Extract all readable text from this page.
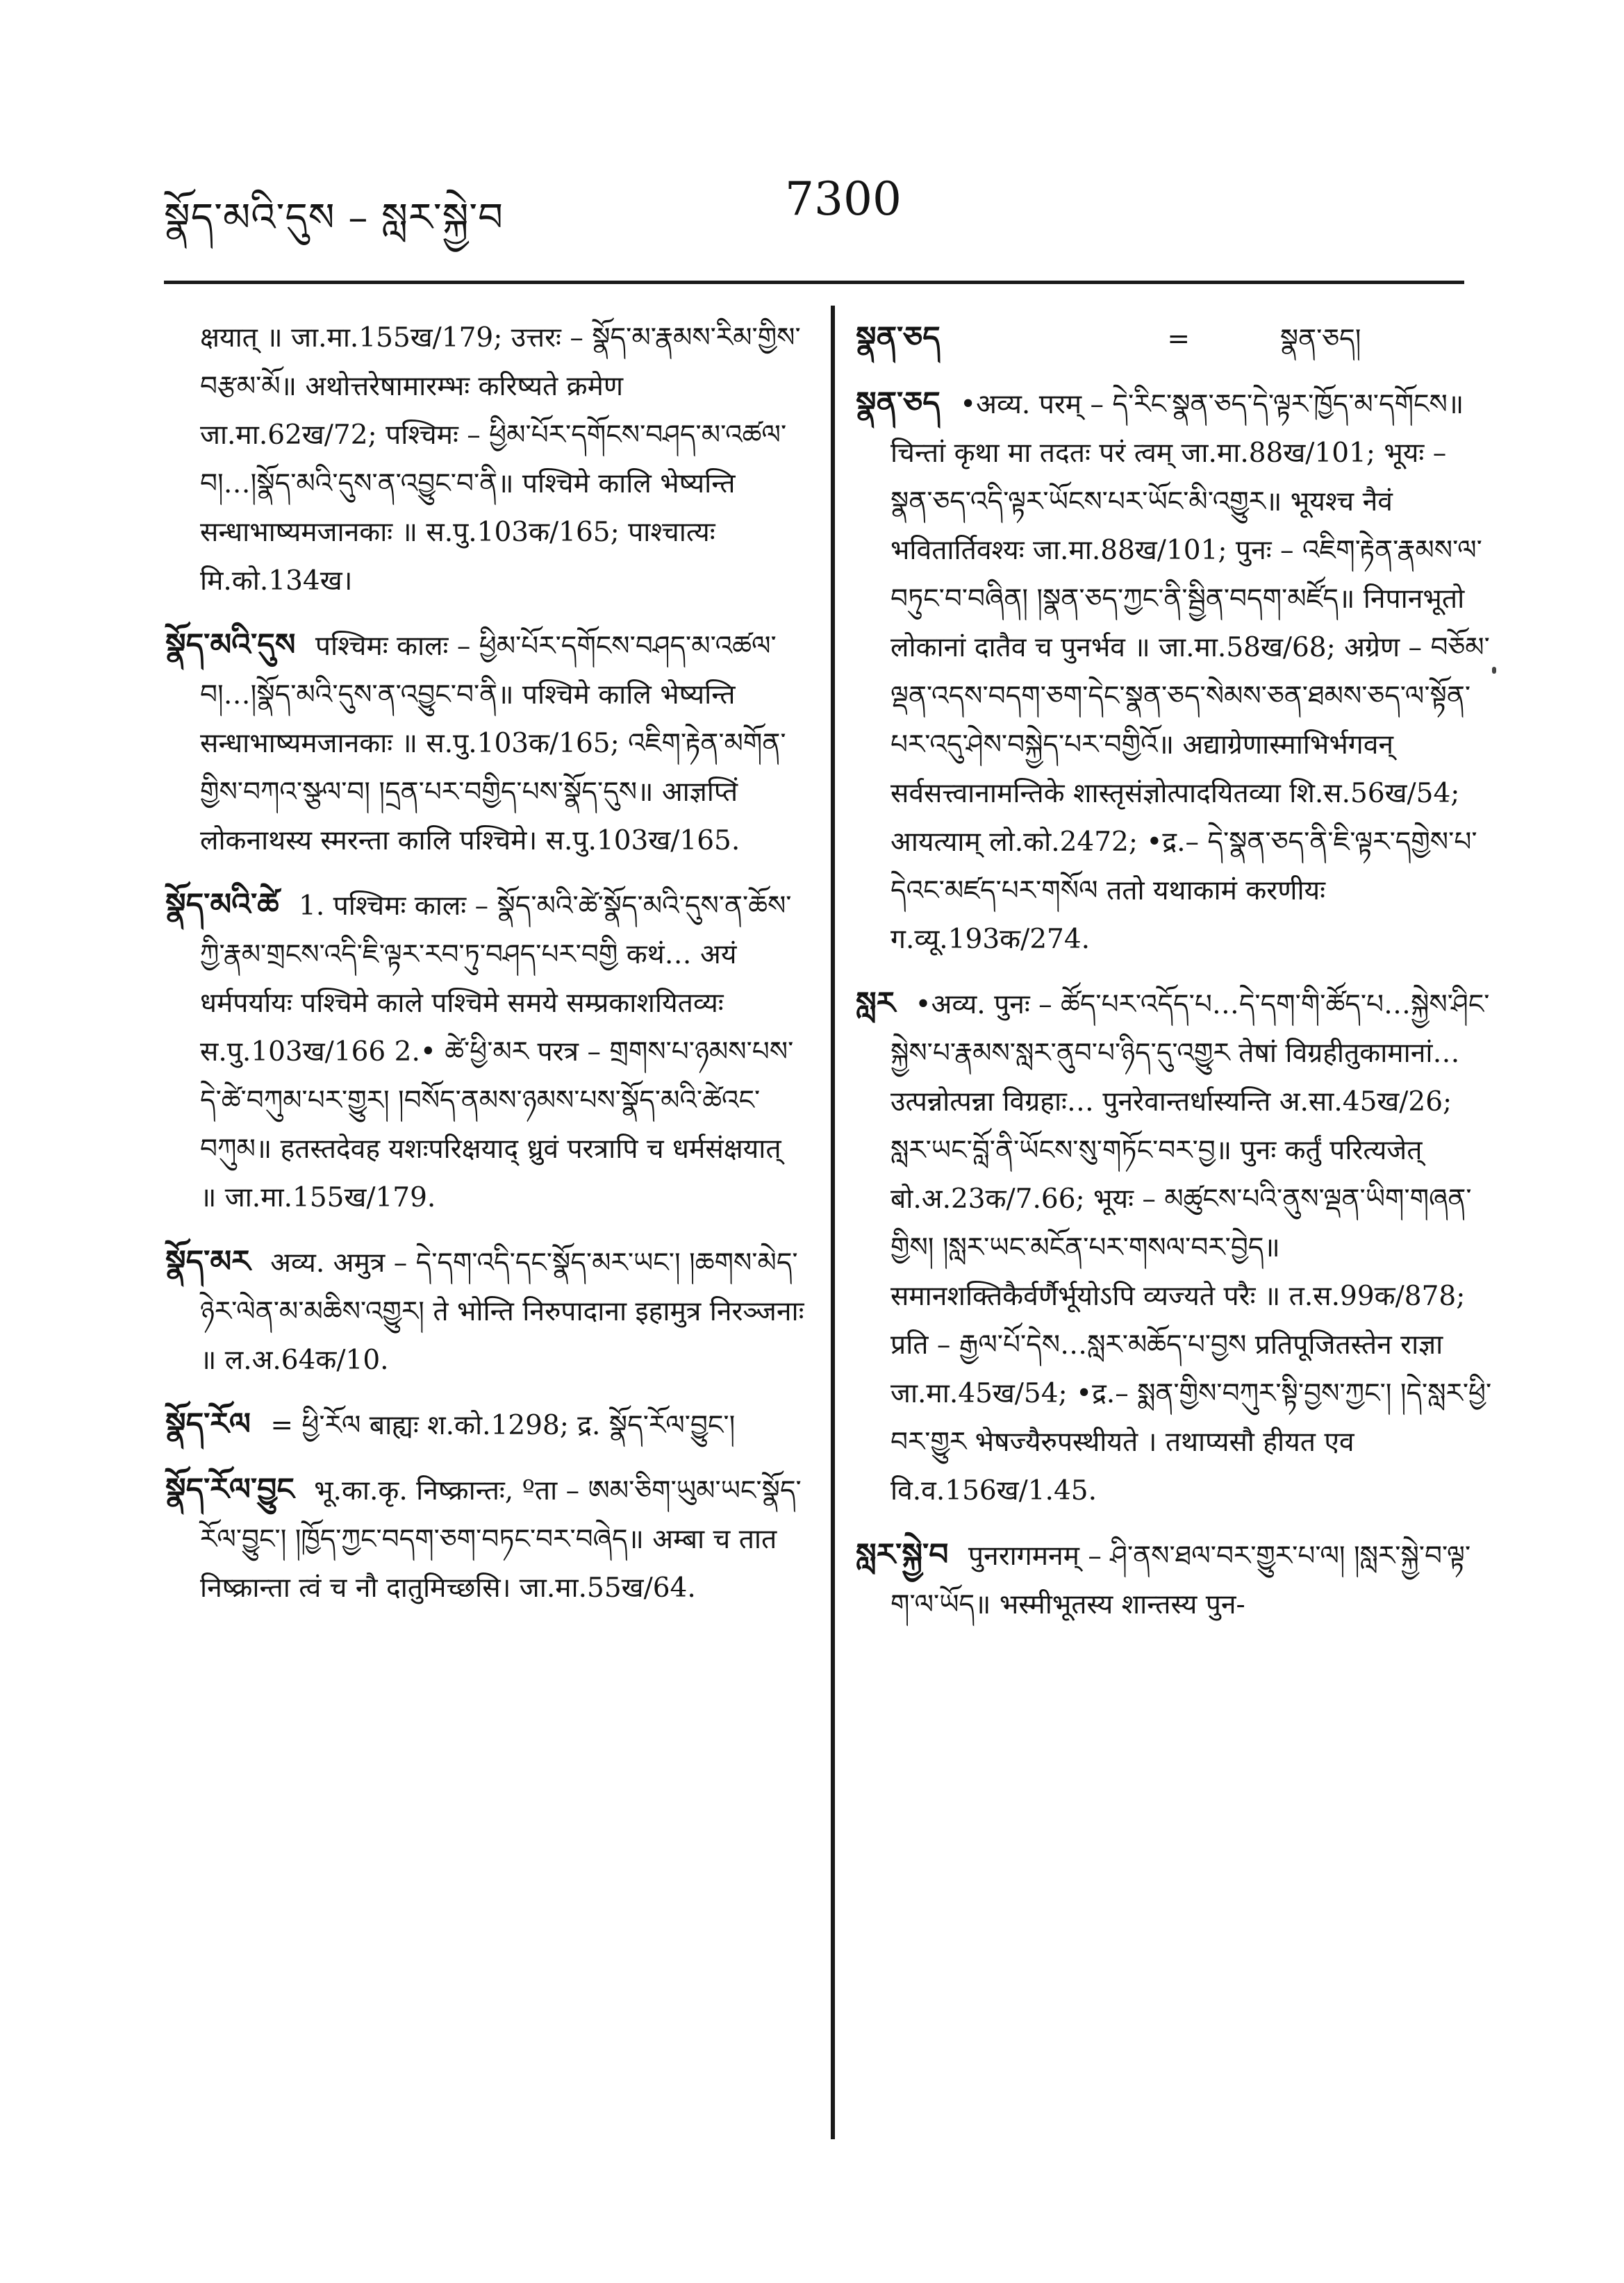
སྣོད་མའི་དུས – སླར་སྐྱེ་བ	7300

क्षयात् ॥ जा.मा.155ख/179; उत्तरः – སྣོད་མ་རྣམས་རིམ་གྱིས་བརྩམ་མོ॥ अथोत्तरेषामारम्भः करिष्यते क्रमेण जा.मा.62ख/72; पश्चिमः – ཕྱིམ་པོར་དགོངས་བཤད་མ་འཚལ་བ།…།སྣོད་མའི་དུས་ན་འབྱུང་བ་ནི॥ पश्चिमे कालि भेष्यन्ति सन्धाभाष्यमजानकाः ॥ स.पु.103क/165; पाश्चात्यः मि.को.134ख।

སྣོད་མའི་དུས पश्चिमः कालः – ཕྱིམ་པོར་དགོངས་བཤད་མ་འཚལ་བ།…།སྣོད་མའི་དུས་ན་འབྱུང་བ་ནི॥ पश्चिमे कालि भेष्यन्ति सन्धाभाष्यमजानकाः ॥ स.पु.103क/165; འཇིག་རྟེན་མགོན་གྱིས་བཀའ་སྩལ་བ། །དྲན་པར་བགྱིད་པས་སྣོད་དུས॥ आज्ञप्तिं लोकनाथस्य स्मरन्ता कालि पश्चिमे। स.पु.103ख/165.

སྣོད་མའི་ཚེ 1. पश्चिमः कालः – སྣོད་མའི་ཚེ་སྣོད་མའི་དུས་ན་ཆོས་ཀྱི་རྣམ་གྲངས་འདི་ཇི་ལྟར་རབ་ཏུ་བཤད་པར་བགྱི कथं… अयं धर्मपर्यायः पश्चिमे काले पश्चिमे समये सम्प्रकाशयितव्यः स.पु.103ख/166 2.• ཚེ་ཕྱི་མར परत्र – གྲགས་པ་ཉམས་པས་དེ་ཚེ་བཀུམ་པར་གྱུར། །བསོད་ནམས་ཉམས་པས་སྣོད་མའི་ཚེའང་བཀུམ॥ हतस्तदेवह यशःपरिक्षयाद् ध्रुवं परत्रापि च धर्मसंक्षयात् ॥ जा.मा.155ख/179.

སྣོད་མར अव्य. अमुत्र – དེ་དག་འདི་དང་སྣོད་མར་ཡང་། །ཆགས་མེད་ཉེར་ལེན་མ་མཆིས་འགྱུར། ते भोन्ति निरुपादाना इहामुत्र निरञ्जनाः ॥ ल.अ.64क/10.

སྣོད་རོལ = ཕྱི་རོལ बाह्यः श.को.1298; द्र. སྣོད་རོལ་བྱུང་།

སྣོད་རོལ་བྱུང भू.का.कृ. निष्क्रान्तः, ºता – ཨམ་ཅིག་ཡུམ་ཡང་སྣོད་རོལ་བྱུང་། །ཁྱོད་ཀྱང་བདག་ཅག་བཏང་བར་བཞེད॥ अम्बा च तात निष्क्रान्ता त्वं च नौ दातुमिच्छसि। जा.मा.55ख/64.

སྣན་ཅད	=	སྣན་ཅད།

སྣན་ཅད •अव्य. परम् – དེ་རིང་སྣན་ཅད་དེ་ལྟར་ཁྱོད་མ་དགོངས॥ चिन्तां कृथा मा तदतः परं त्वम् जा.मा.88ख/101; भूयः – སྣན་ཅད་འདི་ལྟར་ཡོངས་པར་ཡོང་མི་འགྱུར॥ भूयश्च नैवं भवितार्तिवश्यः जा.मा.88ख/101; पुनः – འཇིག་རྟེན་རྣམས་ལ་བཏུང་བ་བཞིན། །སྣན་ཅད་ཀྱང་ནི་སྦྱིན་བདག་མཛོད॥ निपानभूतो लोकानां दातैव च पुनर्भव ॥ जा.मा.58ख/68; अग्रेण – བཅོམ་ལྡན་འདས་བདག་ཅག་དེང་སྣན་ཅད་སེམས་ཅན་ཐམས་ཅད་ལ་སྟོན་པར་འདུ་ཤེས་བསྐྱེད་པར་བགྱིའོ॥ अद्याग्रेणास्माभिर्भगवन् सर्वसत्त्वानामन्तिके शास्तृसंज्ञोत्पादयितव्या शि.स.56ख/54; आयत्याम् लो.को.2472; •द्र.– དེ་སྣན་ཅད་ནི་ཇི་ལྟར་དགྱེས་པ་དེའང་མཛད་པར་གསོལ ततो यथाकामं करणीयः ग.व्यू.193क/274.

སླར •अव्य. पुनः – ཚོད་པར་འདོད་པ…དེ་དག་གི་ཚོད་པ…སྐྱེས་ཤིང་སྐྱེས་པ་རྣམས་སླར་ནུབ་པ་ཉིད་དུ་འགྱུར तेषां विग्रहीतुकामानां… उत्पन्नोत्पन्ना विग्रहाः… पुनरेवान्तर्धास्यन्ति अ.सा.45ख/26; སླར་ཡང་བློ་ནི་ཡོངས་སུ་གཏོང་བར་བྱ॥ पुनः कर्तुं परित्यजेत् बो.अ.23क/7.66; भूयः – མཚུངས་པའི་ནུས་ལྡན་ཡིག་གཞན་གྱིས། །སླར་ཡང་མངོན་པར་གསལ་བར་བྱེད॥ समानशक्तिकैर्वर्णैर्भूयोऽपि व्यज्यते परैः ॥ त.स.99क/878; प्रति – རྒྱལ་པོ་དེས…སླར་མཆོད་པ་བྱས प्रतिपूजितस्तेन राज्ञा जा.मा.45ख/54; •द्र.– སྨན་གྱིས་བཀུར་སྟི་བྱས་ཀྱང་། །དེ་སླར་ཕྱི་བར་གྱུར भेषज्यैरुपस्थीयते । तथाप्यसौ हीयत एव वि.व.156ख/1.45.

སླར་སྐྱེ་བ पुनरागमनम् – ཤི་ནས་ཐལ་བར་གྱུར་པ་ལ། །སླར་སྐྱེ་བ་ལྟ་ག་ལ་ཡོད॥ भस्मीभूतस्य शान्तस्य पुन-
